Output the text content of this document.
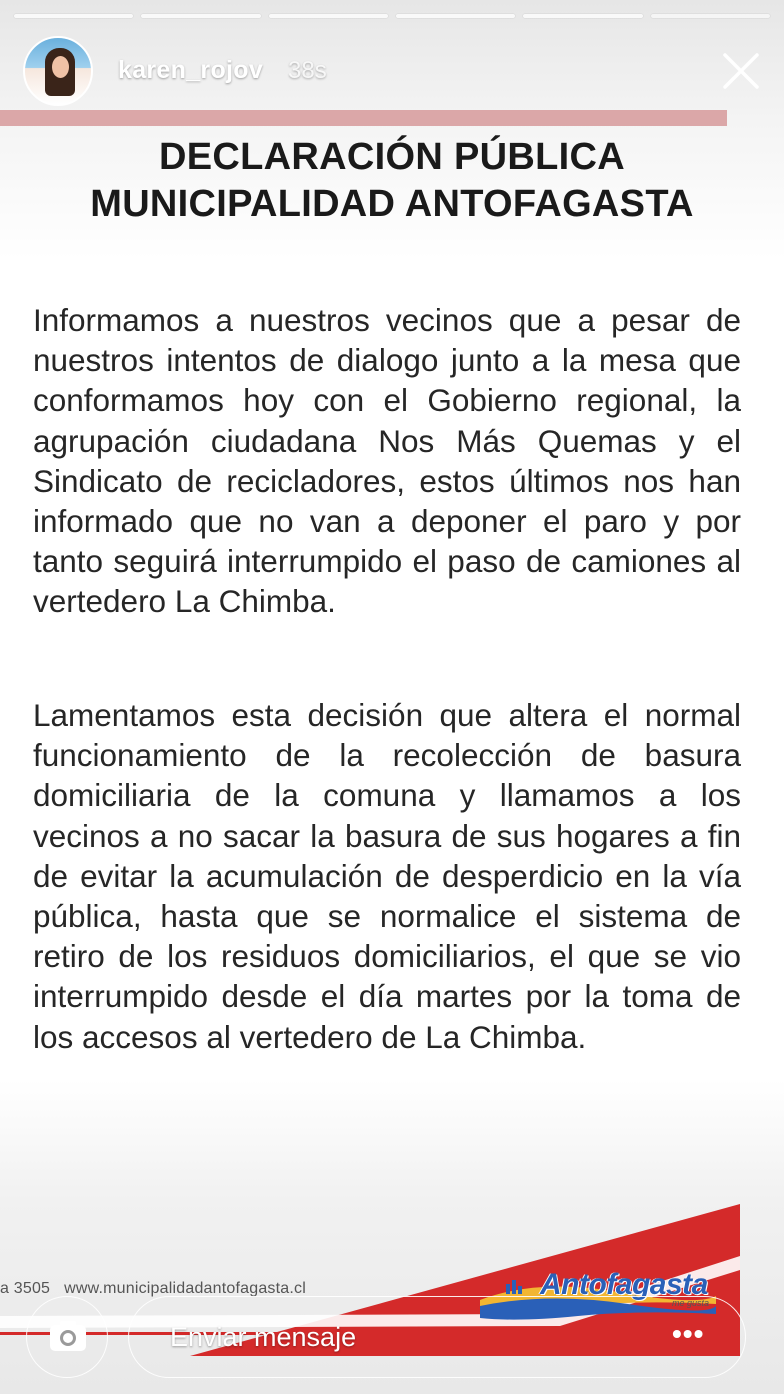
DECLARACIÓN PÚBLICA
MUNICIPALIDAD ANTOFAGASTA
Informamos a nuestros vecinos que a pesar de nuestros intentos de dialogo junto a la mesa que conformamos hoy con el Gobierno regional, la agrupación ciudadana Nos Más Quemas y el Sindicato de recicladores, estos últimos nos han informado que no van a deponer el paro y por tanto seguirá interrumpido el paso de camiones al vertedero La Chimba.
Lamentamos esta decisión que altera el normal funcionamiento de la recolección de basura domiciliaria de la comuna y llamamos a los vecinos a no sacar la basura de sus hogares a fin de evitar la acumulación de desperdicio en la vía pública, hasta que se normalice el sistema de retiro de los residuos domiciliarios, el que se vio interrumpido desde el día martes por la toma de los accesos al vertedero de La Chimba.
a 3505 www.municipalidadantofagasta.cl	Antofagasta
me gusta
karen_rojov 38s
Enviar mensaje	•••
